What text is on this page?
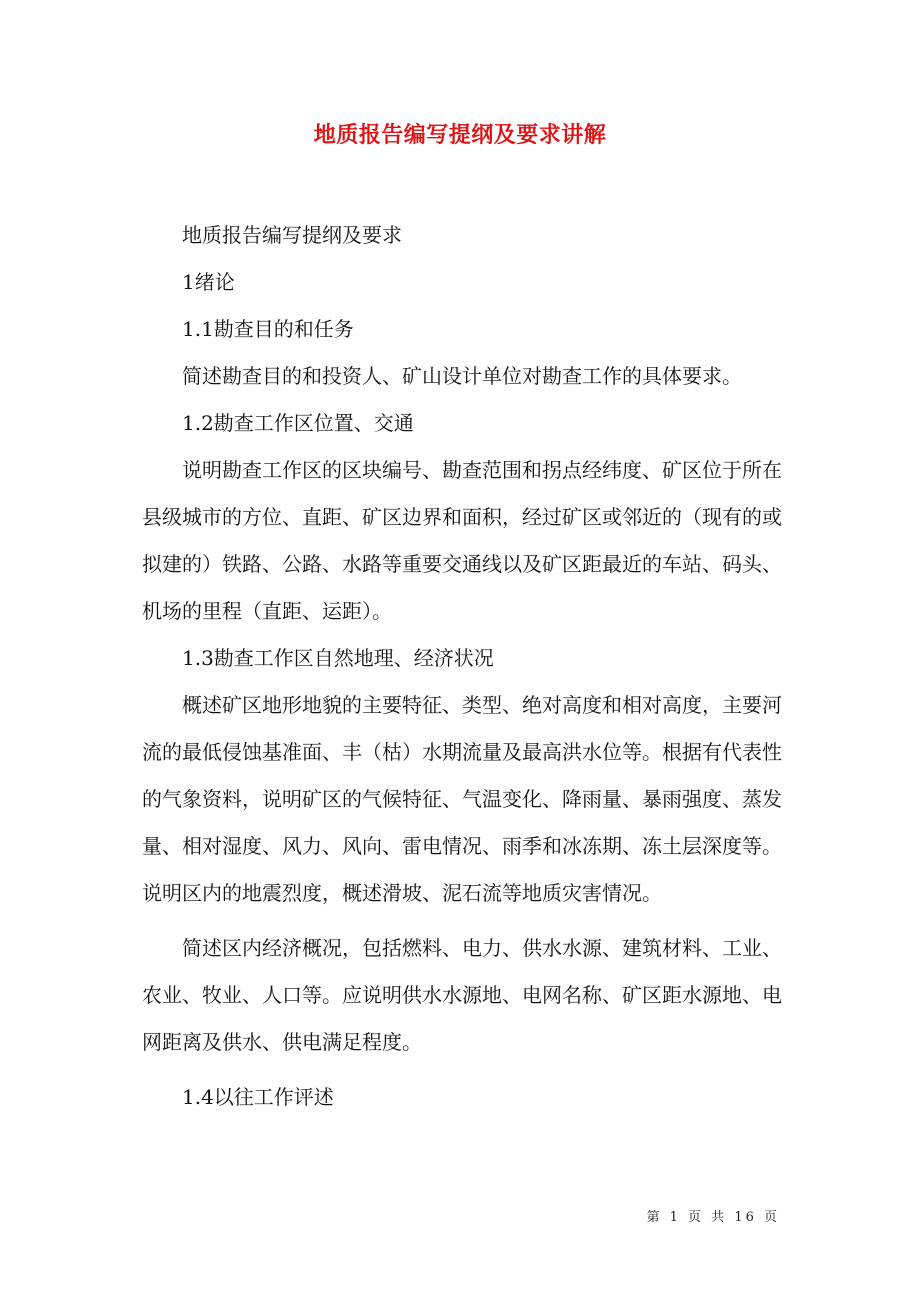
地质报告编写提纲及要求讲解

地质报告编写提纲及要求

1绪论

1.1勘查目的和任务

简述勘查目的和投资人、矿山设计单位对勘查工作的具体要求。

1.2勘查工作区位置、交通

说明勘查工作区的区块编号、勘查范围和拐点经纬度、矿区位于所在县级城市的方位、直距、矿区边界和面积，经过矿区或邻近的（现有的或拟建的）铁路、公路、水路等重要交通线以及矿区距最近的车站、码头、机场的里程（直距、运距）。

1.3勘查工作区自然地理、经济状况

概述矿区地形地貌的主要特征、类型、绝对高度和相对高度，主要河流的最低侵蚀基准面、丰（枯）水期流量及最高洪水位等。根据有代表性的气象资料，说明矿区的气候特征、气温变化、降雨量、暴雨强度、蒸发量、相对湿度、风力、风向、雷电情况、雨季和冰冻期、冻土层深度等。说明区内的地震烈度，概述滑坡、泥石流等地质灾害情况。

简述区内经济概况，包括燃料、电力、供水水源、建筑材料、工业、农业、牧业、人口等。应说明供水水源地、电网名称、矿区距水源地、电网距离及供水、供电满足程度。

1.4以往工作评述

第 1 页 共 16 页
